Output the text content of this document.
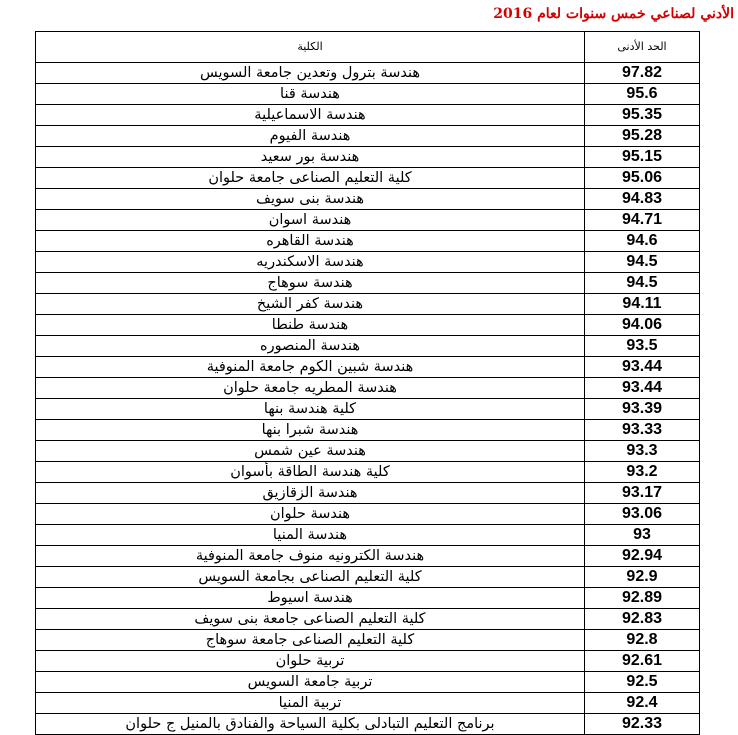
الأدني لصناعي خمس سنوات لعام 2016
الحد الأدنى	الكلية
97.82	هندسة بترول وتعدين جامعة السويس
95.6	هندسة قنا
95.35	هندسة الاسماعيلية
95.28	هندسة الفيوم
95.15	هندسة بور سعيد
95.06	كلية التعليم الصناعى جامعة حلوان
94.83	هندسة بنى سويف
94.71	هندسة اسوان
94.6	هندسة القاهره
94.5	هندسة الاسكندريه
94.5	هندسة سوهاج
94.11	هندسة كفر الشيخ
94.06	هندسة طنطا
93.5	هندسة المنصوره
93.44	هندسة شبين الكوم جامعة المنوفية
93.44	هندسة المطريه جامعة حلوان
93.39	كلية هندسة بنها
93.33	هندسة شبرا بنها
93.3	هندسة عين شمس
93.2	كلية هندسة الطاقة بأسوان
93.17	هندسة الزقازيق
93.06	هندسة حلوان
93	هندسة المنيا
92.94	هندسة الكترونيه منوف جامعة المنوفية
92.9	كلية التعليم الصناعى بجامعة السويس
92.89	هندسة اسيوط
92.83	كلية التعليم الصناعى جامعة بنى سويف
92.8	كلية التعليم الصناعى جامعة سوهاج
92.61	تربية حلوان
92.5	تربية جامعة السويس
92.4	تربية المنيا
92.33	برنامج التعليم التبادلى بكلية السياحة والفنادق بالمنيل ج حلوان
